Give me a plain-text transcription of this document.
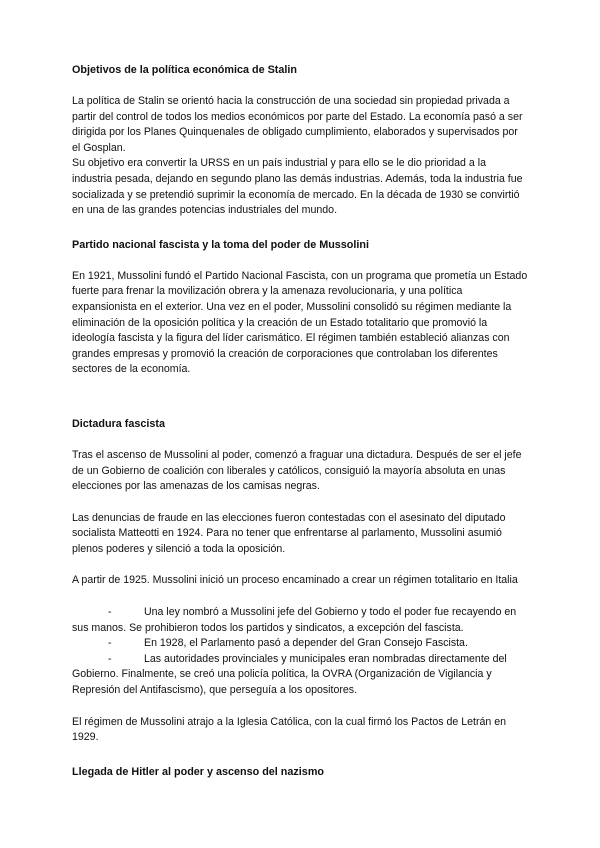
Objetivos de la política económica de Stalin

La política de Stalin se orientó hacia la construcción de una sociedad sin propiedad privada a partir del control de todos los medios económicos por parte del Estado. La economía pasó a ser dirigida por los Planes Quinquenales de obligado cumplimiento, elaborados y supervisados por el Gosplan.

Su objetivo era convertir la URSS en un país industrial y para ello se le dio prioridad a la industria pesada, dejando en segundo plano las demás industrias. Además, toda la industria fue socializada y se pretendió suprimir la economía de mercado. En la década de 1930 se convirtió en una de las grandes potencias industriales del mundo.

Partido nacional fascista y la toma del poder de Mussolini

En 1921, Mussolini fundó el Partido Nacional Fascista, con un programa que prometía un Estado fuerte para frenar la movilización obrera y la amenaza revolucionaria, y una política expansionista en el exterior. Una vez en el poder, Mussolini consolidó su régimen mediante la eliminación de la oposición política y la creación de un Estado totalitario que promovió la ideología fascista y la figura del líder carismático. El régimen también estableció alianzas con grandes empresas y promovió la creación de corporaciones que controlaban los diferentes sectores de la economía.

Dictadura fascista

Tras el ascenso de Mussolini al poder, comenzó a fraguar una dictadura. Después de ser el jefe de un Gobierno de coalición con liberales y católicos, consiguió la mayoría absoluta en unas elecciones por las amenazas de los camisas negras.

Las denuncias de fraude en las elecciones fueron contestadas con el asesinato del diputado socialista Matteotti en 1924. Para no tener que enfrentarse al parlamento, Mussolini asumió plenos poderes y silenció a toda la oposición.

A partir de 1925. Mussolini inició un proceso encaminado a crear un régimen totalitario en Italia

-	Una ley nombró a Mussolini jefe del Gobierno y todo el poder fue recayendo en sus manos. Se prohibieron todos los partidos y sindicatos, a excepción del fascista.

-	En 1928, el Parlamento pasó a depender del Gran Consejo Fascista.

-	Las autoridades provinciales y municipales eran nombradas directamente del Gobierno. Finalmente, se creó una policía política, la OVRA (Organización de Vigilancia y Represión del Antifascismo), que perseguía a los opositores.

El régimen de Mussolini atrajo a la Iglesia Católica, con la cual firmó los Pactos de Letrán en 1929.

Llegada de Hitler al poder y ascenso del nazismo
